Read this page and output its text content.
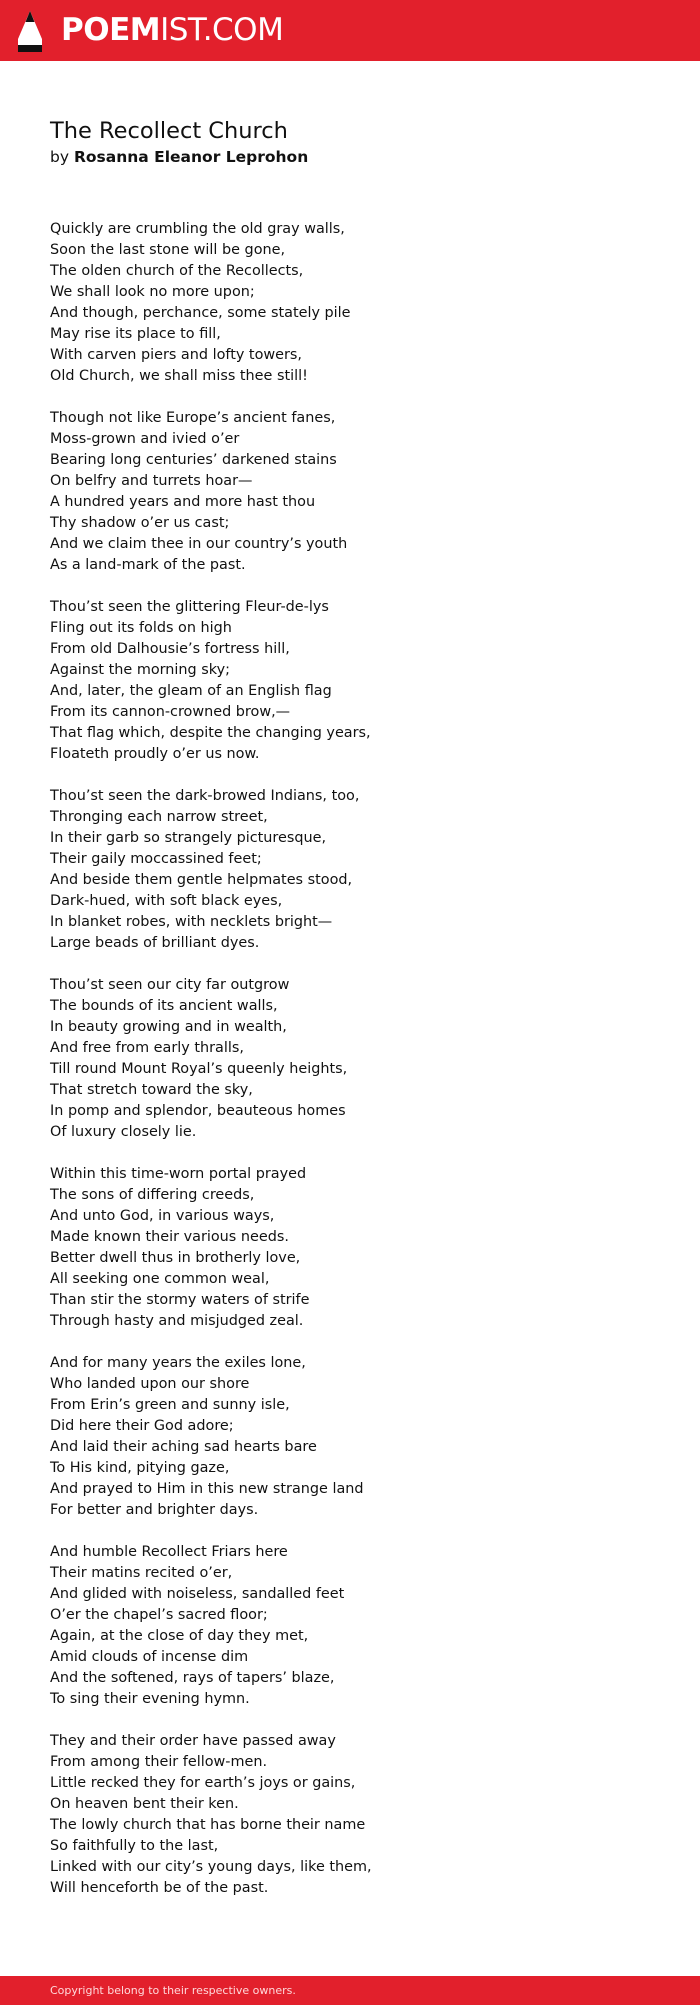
POEMIST.COM
The Recollect Church
by Rosanna Eleanor Leprohon
Quickly are crumbling the old gray walls,
Soon the last stone will be gone,
The olden church of the Recollects,
We shall look no more upon;
And though, perchance, some stately pile
May rise its place to fill,
With carven piers and lofty towers,
Old Church, we shall miss thee still!
Though not like Europe’s ancient fanes,
Moss-grown and ivied o’er
Bearing long centuries’ darkened stains
On belfry and turrets hoar—
A hundred years and more hast thou
Thy shadow o’er us cast;
And we claim thee in our country’s youth
As a land-mark of the past.
Thou’st seen the glittering Fleur-de-lys
Fling out its folds on high
From old Dalhousie’s fortress hill,
Against the morning sky;
And, later, the gleam of an English flag
From its cannon-crowned brow,—
That flag which, despite the changing years,
Floateth proudly o’er us now.
Thou’st seen the dark-browed Indians, too,
Thronging each narrow street,
In their garb so strangely picturesque,
Their gaily moccassined feet;
And beside them gentle helpmates stood,
Dark-hued, with soft black eyes,
In blanket robes, with necklets bright—
Large beads of brilliant dyes.
Thou’st seen our city far outgrow
The bounds of its ancient walls,
In beauty growing and in wealth,
And free from early thralls,
Till round Mount Royal’s queenly heights,
That stretch toward the sky,
In pomp and splendor, beauteous homes
Of luxury closely lie.
Within this time-worn portal prayed
The sons of differing creeds,
And unto God, in various ways,
Made known their various needs.
Better dwell thus in brotherly love,
All seeking one common weal,
Than stir the stormy waters of strife
Through hasty and misjudged zeal.
And for many years the exiles lone,
Who landed upon our shore
From Erin’s green and sunny isle,
Did here their God adore;
And laid their aching sad hearts bare
To His kind, pitying gaze,
And prayed to Him in this new strange land
For better and brighter days.
And humble Recollect Friars here
Their matins recited o’er,
And glided with noiseless, sandalled feet
O’er the chapel’s sacred floor;
Again, at the close of day they met,
Amid clouds of incense dim
And the softened, rays of tapers’ blaze,
To sing their evening hymn.
They and their order have passed away
From among their fellow-men.
Little recked they for earth’s joys or gains,
On heaven bent their ken.
The lowly church that has borne their name
So faithfully to the last,
Linked with our city’s young days, like them,
Will henceforth be of the past.
Copyright belong to their respective owners.
